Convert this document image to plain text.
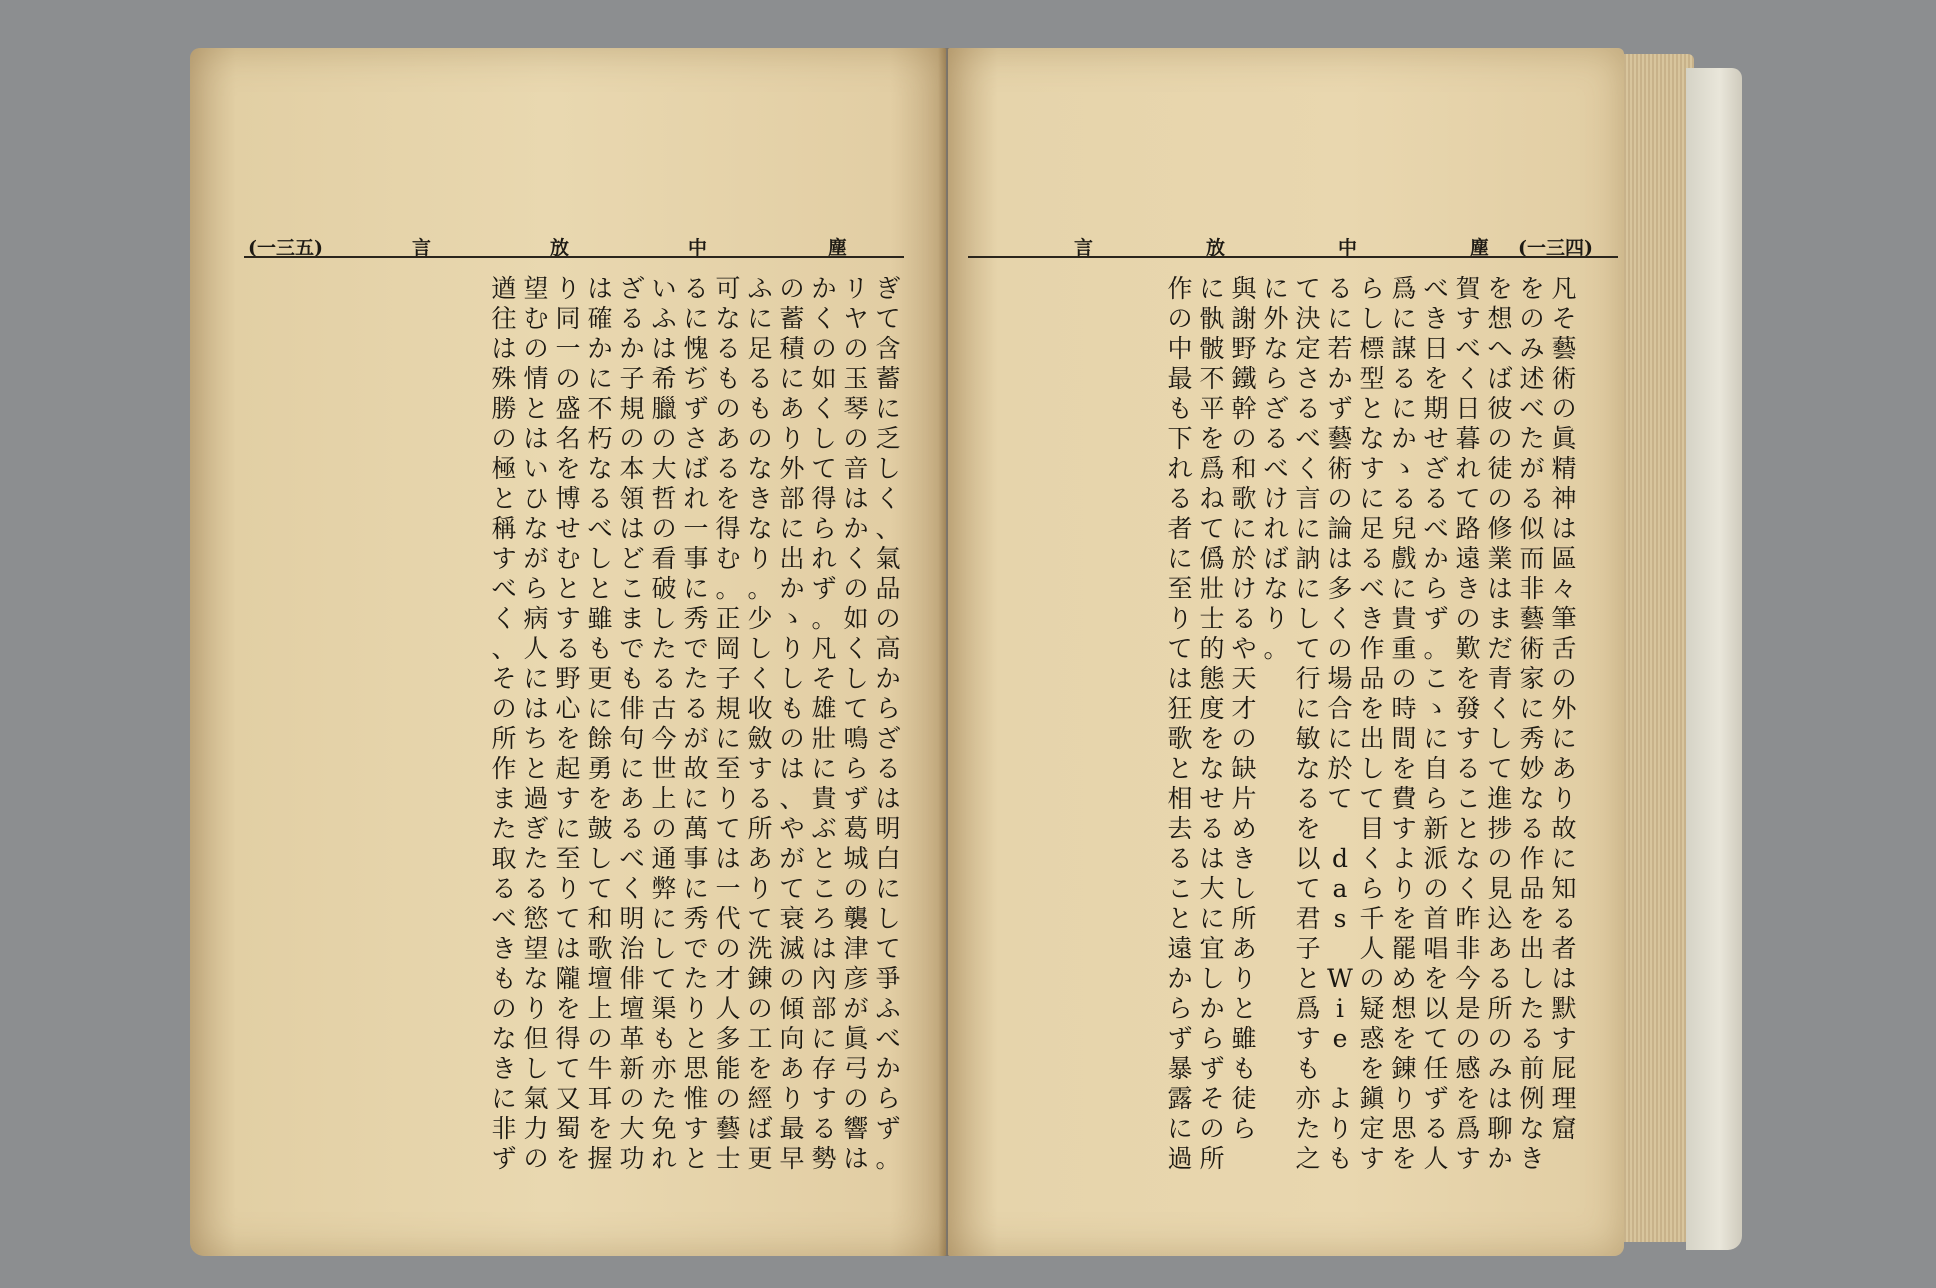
(一三五)	言	放	中	塵
ぎ
て
含
蓄
に
乏
し
く
、
氣
品
の
高
か
ら
ざ
る
は
明
白
に
し
て
爭
ふ
べ
か
ら
ず
。
リ
ヤ
の
玉
琴
の
音
は
か
く
の
如
く
し
て
鳴
ら
ず
葛
城
の
襲
津
彦
が
眞
弓
の
響
は
か
く
の
如
く
し
て
得
ら
れ
ず
。
凡
そ
雄
壯
に
貴
ぶ
と
こ
ろ
は
內
部
に
存
す
る
勢
の
蓄
積
に
あ
り
外
部
に
出
か
ゝ
り
し
も
の
は
、
や
が
て
衰
滅
の
傾
向
あ
り
最
早
ふ
に
足
る
も
の
な
き
な
り
。
少
し
く
收
斂
す
る
所
あ
り
て
洗
錬
の
工
を
經
ば
更
可
な
る
も
の
あ
る
を
得
む
。
正
岡
子
規
に
至
り
て
は
一
代
の
才
人
多
能
の
藝
士
る
に
愧
ぢ
ず
さ
ば
れ
一
事
に
秀
で
た
る
が
故
に
萬
事
に
秀
で
た
り
と
思
惟
す
と
い
ふ
は
希
臘
の
大
哲
の
看
破
し
た
る
古
今
世
上
の
通
弊
に
し
て
渠
も
亦
た
免
れ
ざ
る
か
子
規
の
本
領
は
ど
こ
ま
で
も
俳
句
に
あ
る
べ
く
明
治
俳
壇
革
新
の
大
功
は
確
か
に
不
朽
な
る
べ
し
と
雖
も
更
に
餘
勇
を
皷
し
て
和
歌
壇
上
の
牛
耳
を
握
り
同
一
の
盛
名
を
博
せ
む
と
す
る
野
心
を
起
す
に
至
り
て
は
隴
を
得
て
又
蜀
を
望
む
の
情
と
は
い
ひ
な
が
ら
病
人
に
は
ち
と
過
ぎ
た
る
慾
望
な
り
但
し
氣
力
の
遒
往
は
殊
勝
の
極
と
稱
す
べ
く
、
そ
の
所
作
ま
た
取
る
べ
き
も
の
な
き
に
非
ず
言	放	中	塵 (一三四)
凡
そ
藝
術
の
眞
精
神
は
區
々
筆
舌
の
外
に
あ
り
故
に
知
る
者
は
默
す
屁
理
窟
を
の
み
述
べ
た
が
る
似
而
非
藝
術
家
に
秀
妙
な
る
作
品
を
出
し
た
る
前
例
な
き
を
想
へ
ば
彼
の
徒
の
修
業
は
ま
だ
青
く
し
て
進
捗
の
見
込
あ
る
所
の
み
は
聊
か
賀
す
べ
く
日
暮
れ
て
路
遠
き
の
歎
を
發
す
る
こ
と
な
く
昨
非
今
是
の
感
を
爲
す
べ
き
日
を
期
せ
ざ
る
べ
か
ら
ず
。
こ
ゝ
に
自
ら
新
派
の
首
唱
を
以
て
任
ず
る
人
爲
に
謀
る
に
か
ゝ
る
兒
戲
に
貴
重
の
時
間
を
費
す
よ
り
を
罷
め
想
を
錬
り
思
を
ら
し
標
型
と
な
す
に
足
る
べ
き
作
品
を
出
し
て
目
く
ら
千
人
の
疑
惑
を
鎭
定
す
る
に
若
か
ず
藝
術
の
論
は
多
く
の
場
合
に
於
て
d
a
s
W
i
e
よ
り
も
て
決
定
さ
る
べ
く
言
に
訥
に
し
て
行
に
敏
な
る
を
以
て
君
子
と
爲
す
も
亦
た
之
に
外
な
ら
ざ
る
べ
け
れ
ば
な
り
。
與
謝
野
鐵
幹
の
和
歌
に
於
け
る
や
天
才
の
缺
片
め
き
し
所
あ
り
と
雖
も
徒
ら
に
骫
骳
不
平
を
爲
ね
て
僞
壯
士
的
態
度
を
な
せ
る
は
大
に
宜
し
か
ら
ず
そ
の
所
作
の
中
最
も
下
れ
る
者
に
至
り
て
は
狂
歌
と
相
去
る
こ
と
遠
か
ら
ず
暴
露
に
過
